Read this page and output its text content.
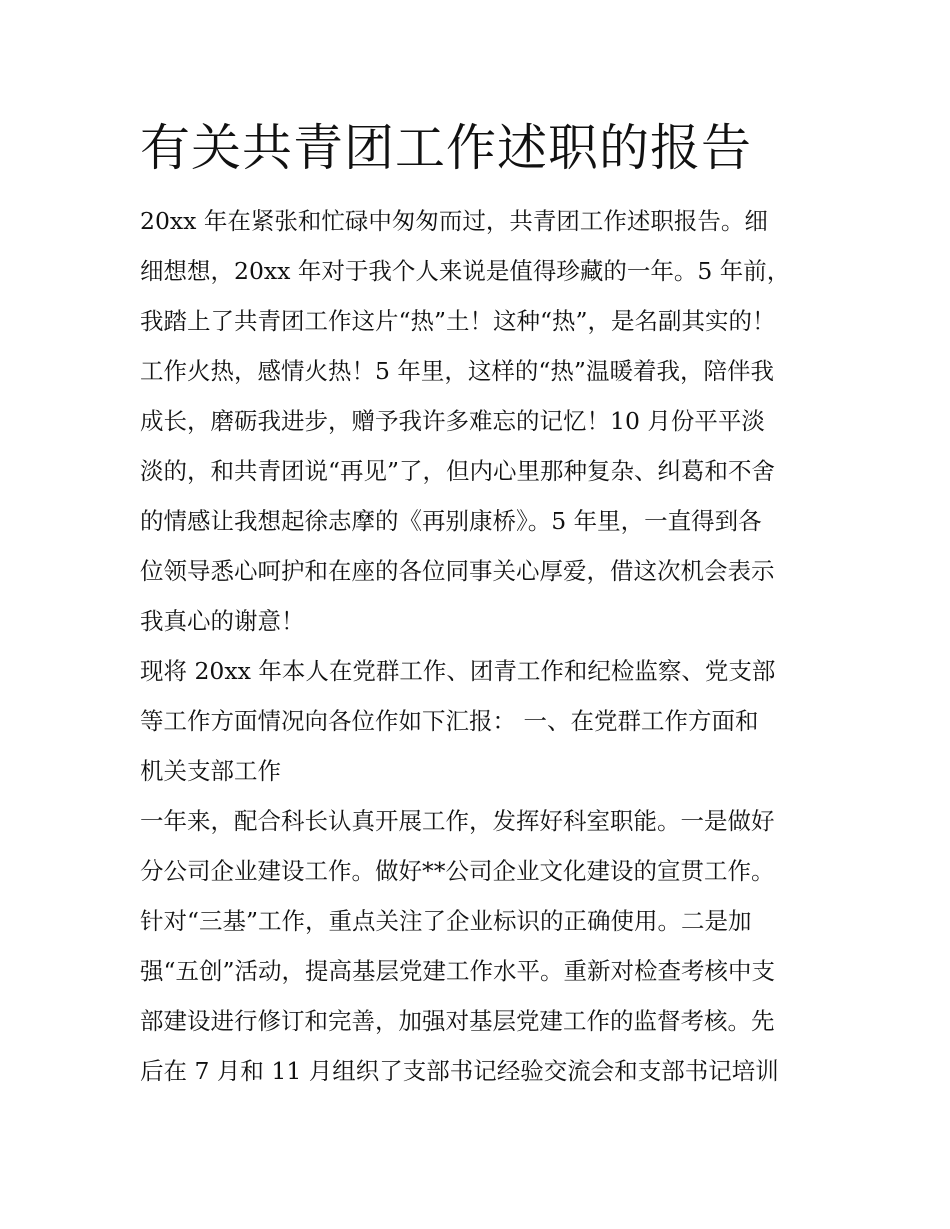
有关共青团工作述职的报告

20xx 年在紧张和忙碌中匆匆而过，共青团工作述职报告。细

细想想，20xx 年对于我个人来说是值得珍藏的一年。5 年前，

我踏上了共青团工作这片“热”土！这种“热”，是名副其实的！

工作火热，感情火热！5 年里，这样的“热”温暖着我，陪伴我

成长，磨砺我进步，赠予我许多难忘的记忆！10 月份平平淡

淡的，和共青团说“再见”了，但内心里那种复杂、纠葛和不舍

的情感让我想起徐志摩的《再别康桥》。5 年里，一直得到各

位领导悉心呵护和在座的各位同事关心厚爱，借这次机会表示

我真心的谢意！

现将 20xx 年本人在党群工作、团青工作和纪检监察、党支部

等工作方面情况向各位作如下汇报： 一、在党群工作方面和

机关支部工作

一年来，配合科长认真开展工作，发挥好科室职能。一是做好

分公司企业建设工作。做好**公司企业文化建设的宣贯工作。

针对“三基”工作，重点关注了企业标识的正确使用。二是加

强“五创”活动，提高基层党建工作水平。重新对检查考核中支

部建设进行修订和完善，加强对基层党建工作的监督考核。先

后在 7 月和 11 月组织了支部书记经验交流会和支部书记培训
